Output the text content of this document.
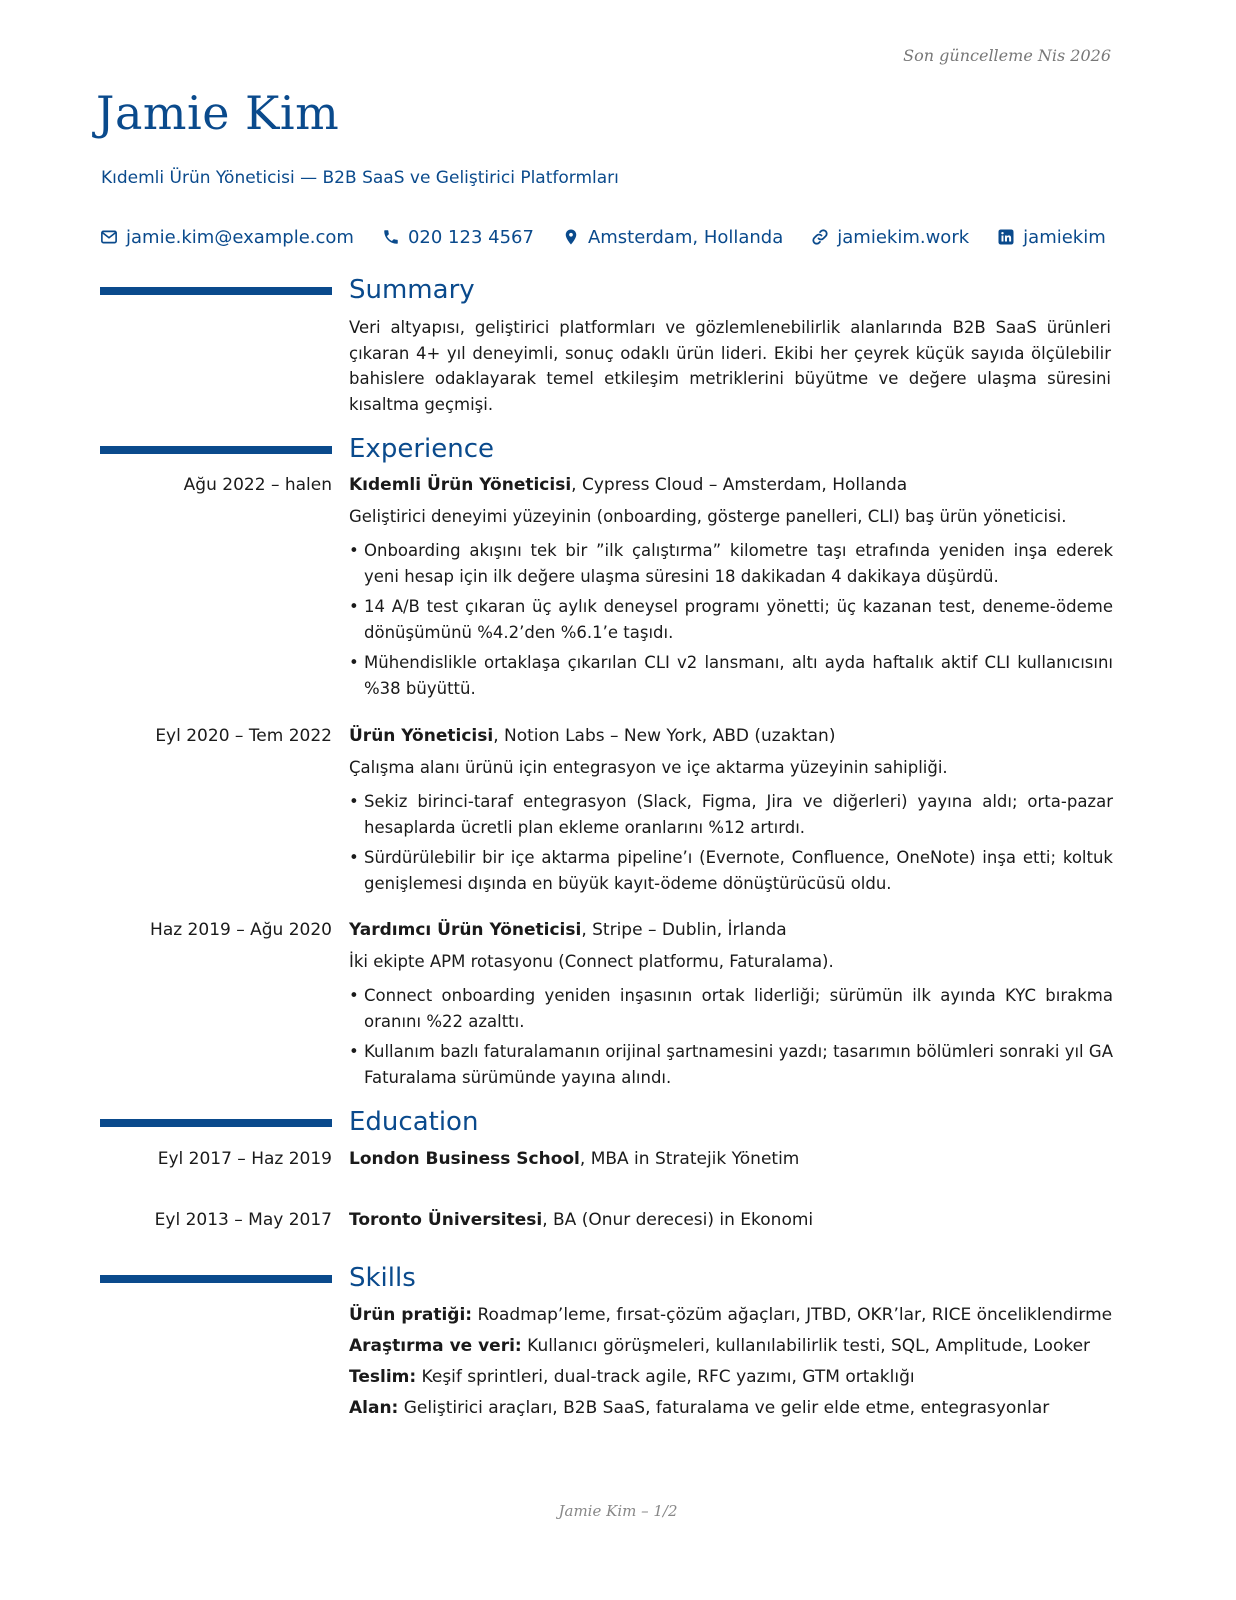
Son güncelleme Nis 2026
Jamie Kim
Kıdemli Ürün Yöneticisi — B2B SaaS ve Geliştirici Platformları
jamie.kim@example.com	020 123 4567	Amsterdam, Hollanda	jamiekim.work	jamiekim
Summary

Veri altyapısı, geliştirici platformları ve gözlemlenebilirlik alanlarında B2B SaaS ürünleri çıkaran 4+ yıl deneyimli, sonuç odaklı ürün lideri. Ekibi her çeyrek küçük sayıda ölçülebilir bahislere odaklayarak temel etkileşim metriklerini büyütme ve değere ulaşma süresini kısaltma geçmişi.

Experience
Ağu 2022 – halen Kıdemli Ürün Yöneticisi, Cypress Cloud – Amsterdam, Hollanda
Geliştirici deneyimi yüzeyinin (onboarding, gösterge panelleri, CLI) baş ürün yöneticisi.
• Onboarding akışını tek bir ”ilk çalıştırma” kilometre taşı etrafında yeniden inşa ederek yeni hesap için ilk değere ulaşma süresini 18 dakikadan 4 dakikaya düşürdü.
• 14 A/B test çıkaran üç aylık deneysel programı yönetti; üç kazanan test, deneme-ödeme dönüşümünü %4.2’den %6.1’e taşıdı.
• Mühendislikle ortaklaşa çıkarılan CLI v2 lansmanı, altı ayda haftalık aktif CLI kullanıcısını %38 büyüttü.
Eyl 2020 – Tem 2022 Ürün Yöneticisi, Notion Labs – New York, ABD (uzaktan)
Çalışma alanı ürünü için entegrasyon ve içe aktarma yüzeyinin sahipliği.
• Sekiz birinci-taraf entegrasyon (Slack, Figma, Jira ve diğerleri) yayına aldı; orta-pazar hesaplarda ücretli plan ekleme oranlarını %12 artırdı.
• Sürdürülebilir bir içe aktarma pipeline’ı (Evernote, Confluence, OneNote) inşa etti; koltuk genişlemesi dışında en büyük kayıt-ödeme dönüştürücüsü oldu.
Haz 2019 – Ağu 2020 Yardımcı Ürün Yöneticisi, Stripe – Dublin, İrlanda
İki ekipte APM rotasyonu (Connect platformu, Faturalama).
• Connect onboarding yeniden inşasının ortak liderliği; sürümün ilk ayında KYC bırakma oranını %22 azalttı.
• Kullanım bazlı faturalamanın orijinal şartnamesini yazdı; tasarımın bölümleri sonraki yıl GA Faturalama sürümünde yayına alındı.
Education
Eyl 2017 – Haz 2019 London Business School, MBA in Stratejik Yönetim
Eyl 2013 – May 2017 Toronto Üniversitesi, BA (Onur derecesi) in Ekonomi
Skills
Ürün pratiği: Roadmap’leme, fırsat-çözüm ağaçları, JTBD, OKR’lar, RICE önceliklendirme
Araştırma ve veri: Kullanıcı görüşmeleri, kullanılabilirlik testi, SQL, Amplitude, Looker
Teslim: Keşif sprintleri, dual-track agile, RFC yazımı, GTM ortaklığı
Alan: Geliştirici araçları, B2B SaaS, faturalama ve gelir elde etme, entegrasyonlar
Jamie Kim – 1/2
